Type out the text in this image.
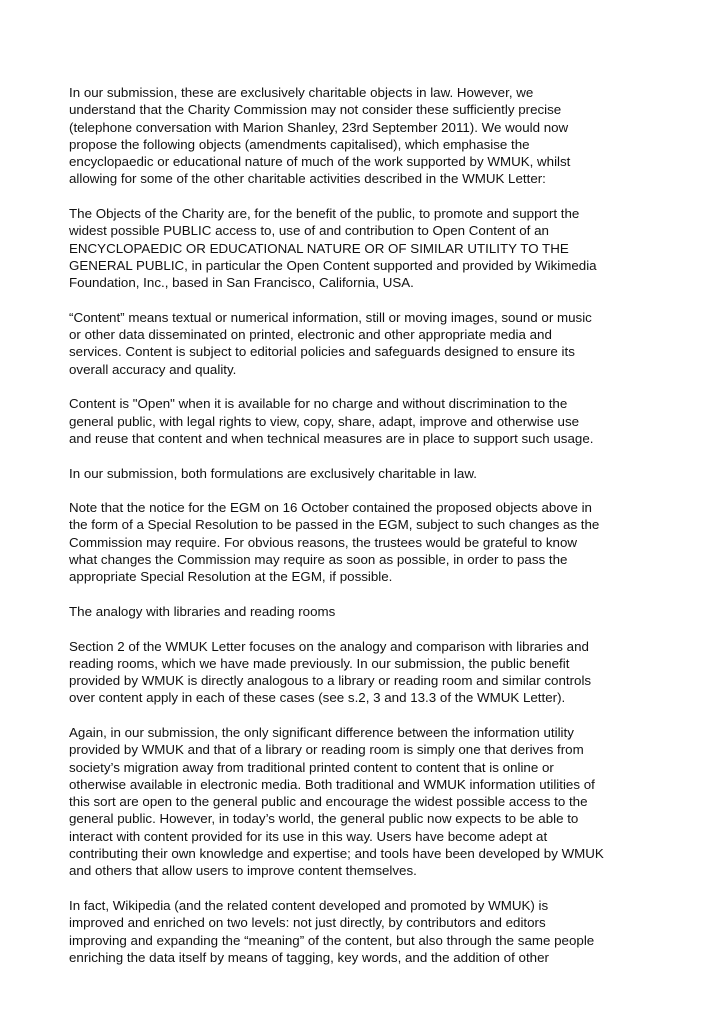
In our submission, these are exclusively charitable objects in law. However, we
understand that the Charity Commission may not consider these sufficiently precise
(telephone conversation with Marion Shanley, 23rd September 2011). We would now
propose the following objects (amendments capitalised), which emphasise the
encyclopaedic or educational nature of much of the work supported by WMUK, whilst
allowing for some of the other charitable activities described in the WMUK Letter:
The Objects of the Charity are, for the benefit of the public, to promote and support the
widest possible PUBLIC access to, use of and contribution to Open Content of an
ENCYCLOPAEDIC OR EDUCATIONAL NATURE OR OF SIMILAR UTILITY TO THE
GENERAL PUBLIC, in particular the Open Content supported and provided by Wikimedia
Foundation, Inc., based in San Francisco, California, USA.
“Content” means textual or numerical information, still or moving images, sound or music
or other data disseminated on printed, electronic and other appropriate media and
services. Content is subject to editorial policies and safeguards designed to ensure its
overall accuracy and quality.
Content is "Open" when it is available for no charge and without discrimination to the
general public, with legal rights to view, copy, share, adapt, improve and otherwise use
and reuse that content and when technical measures are in place to support such usage.
In our submission, both formulations are exclusively charitable in law.
Note that the notice for the EGM on 16 October contained the proposed objects above in
the form of a Special Resolution to be passed in the EGM, subject to such changes as the
Commission may require. For obvious reasons, the trustees would be grateful to know
what changes the Commission may require as soon as possible, in order to pass the
appropriate Special Resolution at the EGM, if possible.
The analogy with libraries and reading rooms
Section 2 of the WMUK Letter focuses on the analogy and comparison with libraries and
reading rooms, which we have made previously. In our submission, the public benefit
provided by WMUK is directly analogous to a library or reading room and similar controls
over content apply in each of these cases (see s.2, 3 and 13.3 of the WMUK Letter).
Again, in our submission, the only significant difference between the information utility
provided by WMUK and that of a library or reading room is simply one that derives from
society’s migration away from traditional printed content to content that is online or
otherwise available in electronic media. Both traditional and WMUK information utilities of
this sort are open to the general public and encourage the widest possible access to the
general public. However, in today’s world, the general public now expects to be able to
interact with content provided for its use in this way. Users have become adept at
contributing their own knowledge and expertise; and tools have been developed by WMUK
and others that allow users to improve content themselves.
In fact, Wikipedia (and the related content developed and promoted by WMUK) is
improved and enriched on two levels: not just directly, by contributors and editors
improving and expanding the “meaning” of the content, but also through the same people
enriching the data itself by means of tagging, key words, and the addition of other
